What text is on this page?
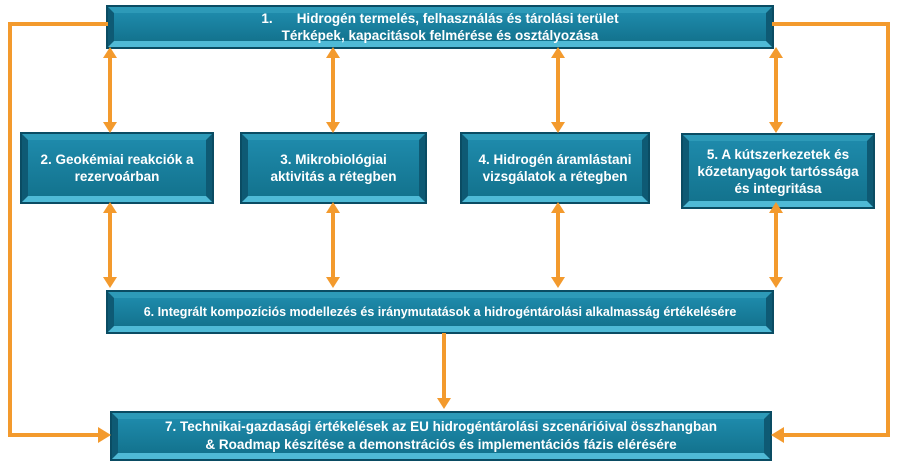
1. Hidrogén termelés, felhasználás és tárolási terület
Térképek, kapacitások felmérése és osztályozása
2. Geokémiai reakciók a rezervoárban
3. Mikrobiológiai aktivitás a rétegben
4. Hidrogén áramlástani vizsgálatok a rétegben
5. A kútszerkezetek és kőzetanyagok tartóssága és integritása
6. Integrált kompozíciós modellezés és iránymutatások a hidrogéntárolási alkalmasság értékelésére
7. Technikai-gazdasági értékelések az EU hidrogéntárolási szcenárióival összhangban
& Roadmap készítése a demonstrációs és implementációs fázis elérésére
